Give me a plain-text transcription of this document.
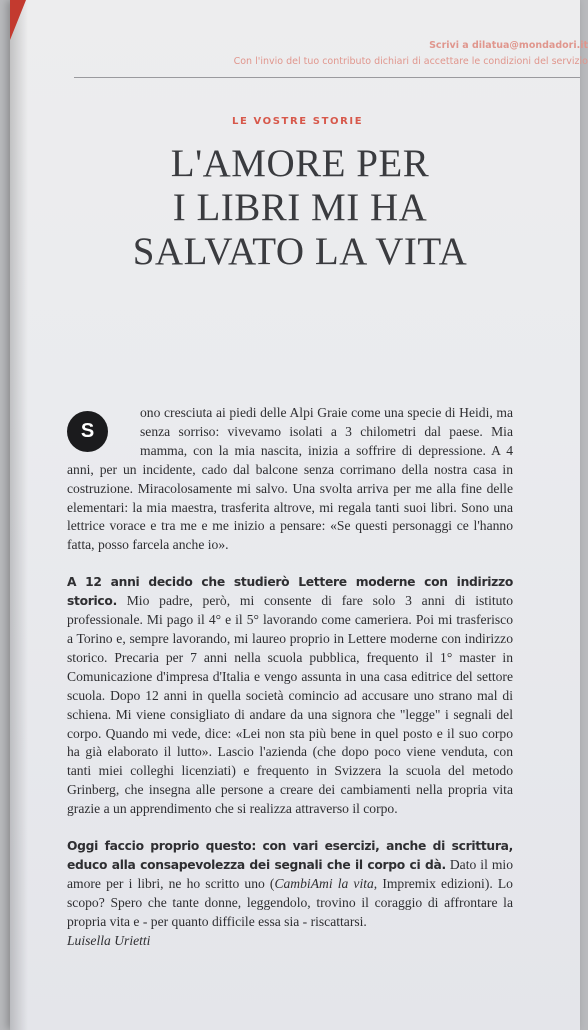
Scrivi a dilatua@mondadori.it
Con l'invio del tuo contributo dichiari di accettare le condizioni del servizio
LE VOSTRE STORIE
L'AMORE PER
I LIBRI MI HA
SALVATO LA VITA

S
ono cresciuta ai piedi delle Alpi Graie come una specie di Heidi, ma senza sorriso: vivevamo isolati a 3 chilometri dal paese. Mia mamma, con la mia nascita, inizia a soffrire di depressione. A 4 anni, per un incidente, cado dal balcone senza corrimano della nostra casa in costruzione. Miracolosamente mi salvo. Una svolta arriva per me alla fine delle elementari: la mia maestra, trasferita altrove, mi regala tanti suoi libri. Sono una lettrice vorace e tra me e me inizio a pensare: «Se questi personaggi ce l'hanno fatta, posso farcela anche io».

A 12 anni decido che studierò Lettere moderne con indirizzo storico. Mio padre, però, mi consente di fare solo 3 anni di istituto professionale. Mi pago il 4° e il 5° lavorando come cameriera. Poi mi trasferisco a Torino e, sempre lavorando, mi laureo proprio in Lettere moderne con indirizzo storico. Precaria per 7 anni nella scuola pubblica, frequento il 1° master in Comunicazione d'impresa d'Italia e vengo assunta in una casa editrice del settore scuola. Dopo 12 anni in quella società comincio ad accusare uno strano mal di schiena. Mi viene consigliato di andare da una signora che "legge" i segnali del corpo. Quando mi vede, dice: «Lei non sta più bene in quel posto e il suo corpo ha già elaborato il lutto». Lascio l'azienda (che dopo poco viene venduta, con tanti miei colleghi licenziati) e frequento in Svizzera la scuola del metodo Grinberg, che insegna alle persone a creare dei cambiamenti nella propria vita grazie a un apprendimento che si realizza attraverso il corpo.

Oggi faccio proprio questo: con vari esercizi, anche di scrittura, educo alla consapevolezza dei segnali che il corpo ci dà. Dato il mio amore per i libri, ne ho scritto uno (CambiAmi la vita, Impremix edizioni). Lo scopo? Spero che tante donne, leggendolo, trovino il coraggio di affrontare la propria vita e - per quanto difficile essa sia - riscattarsi.
Luisella Urietti
